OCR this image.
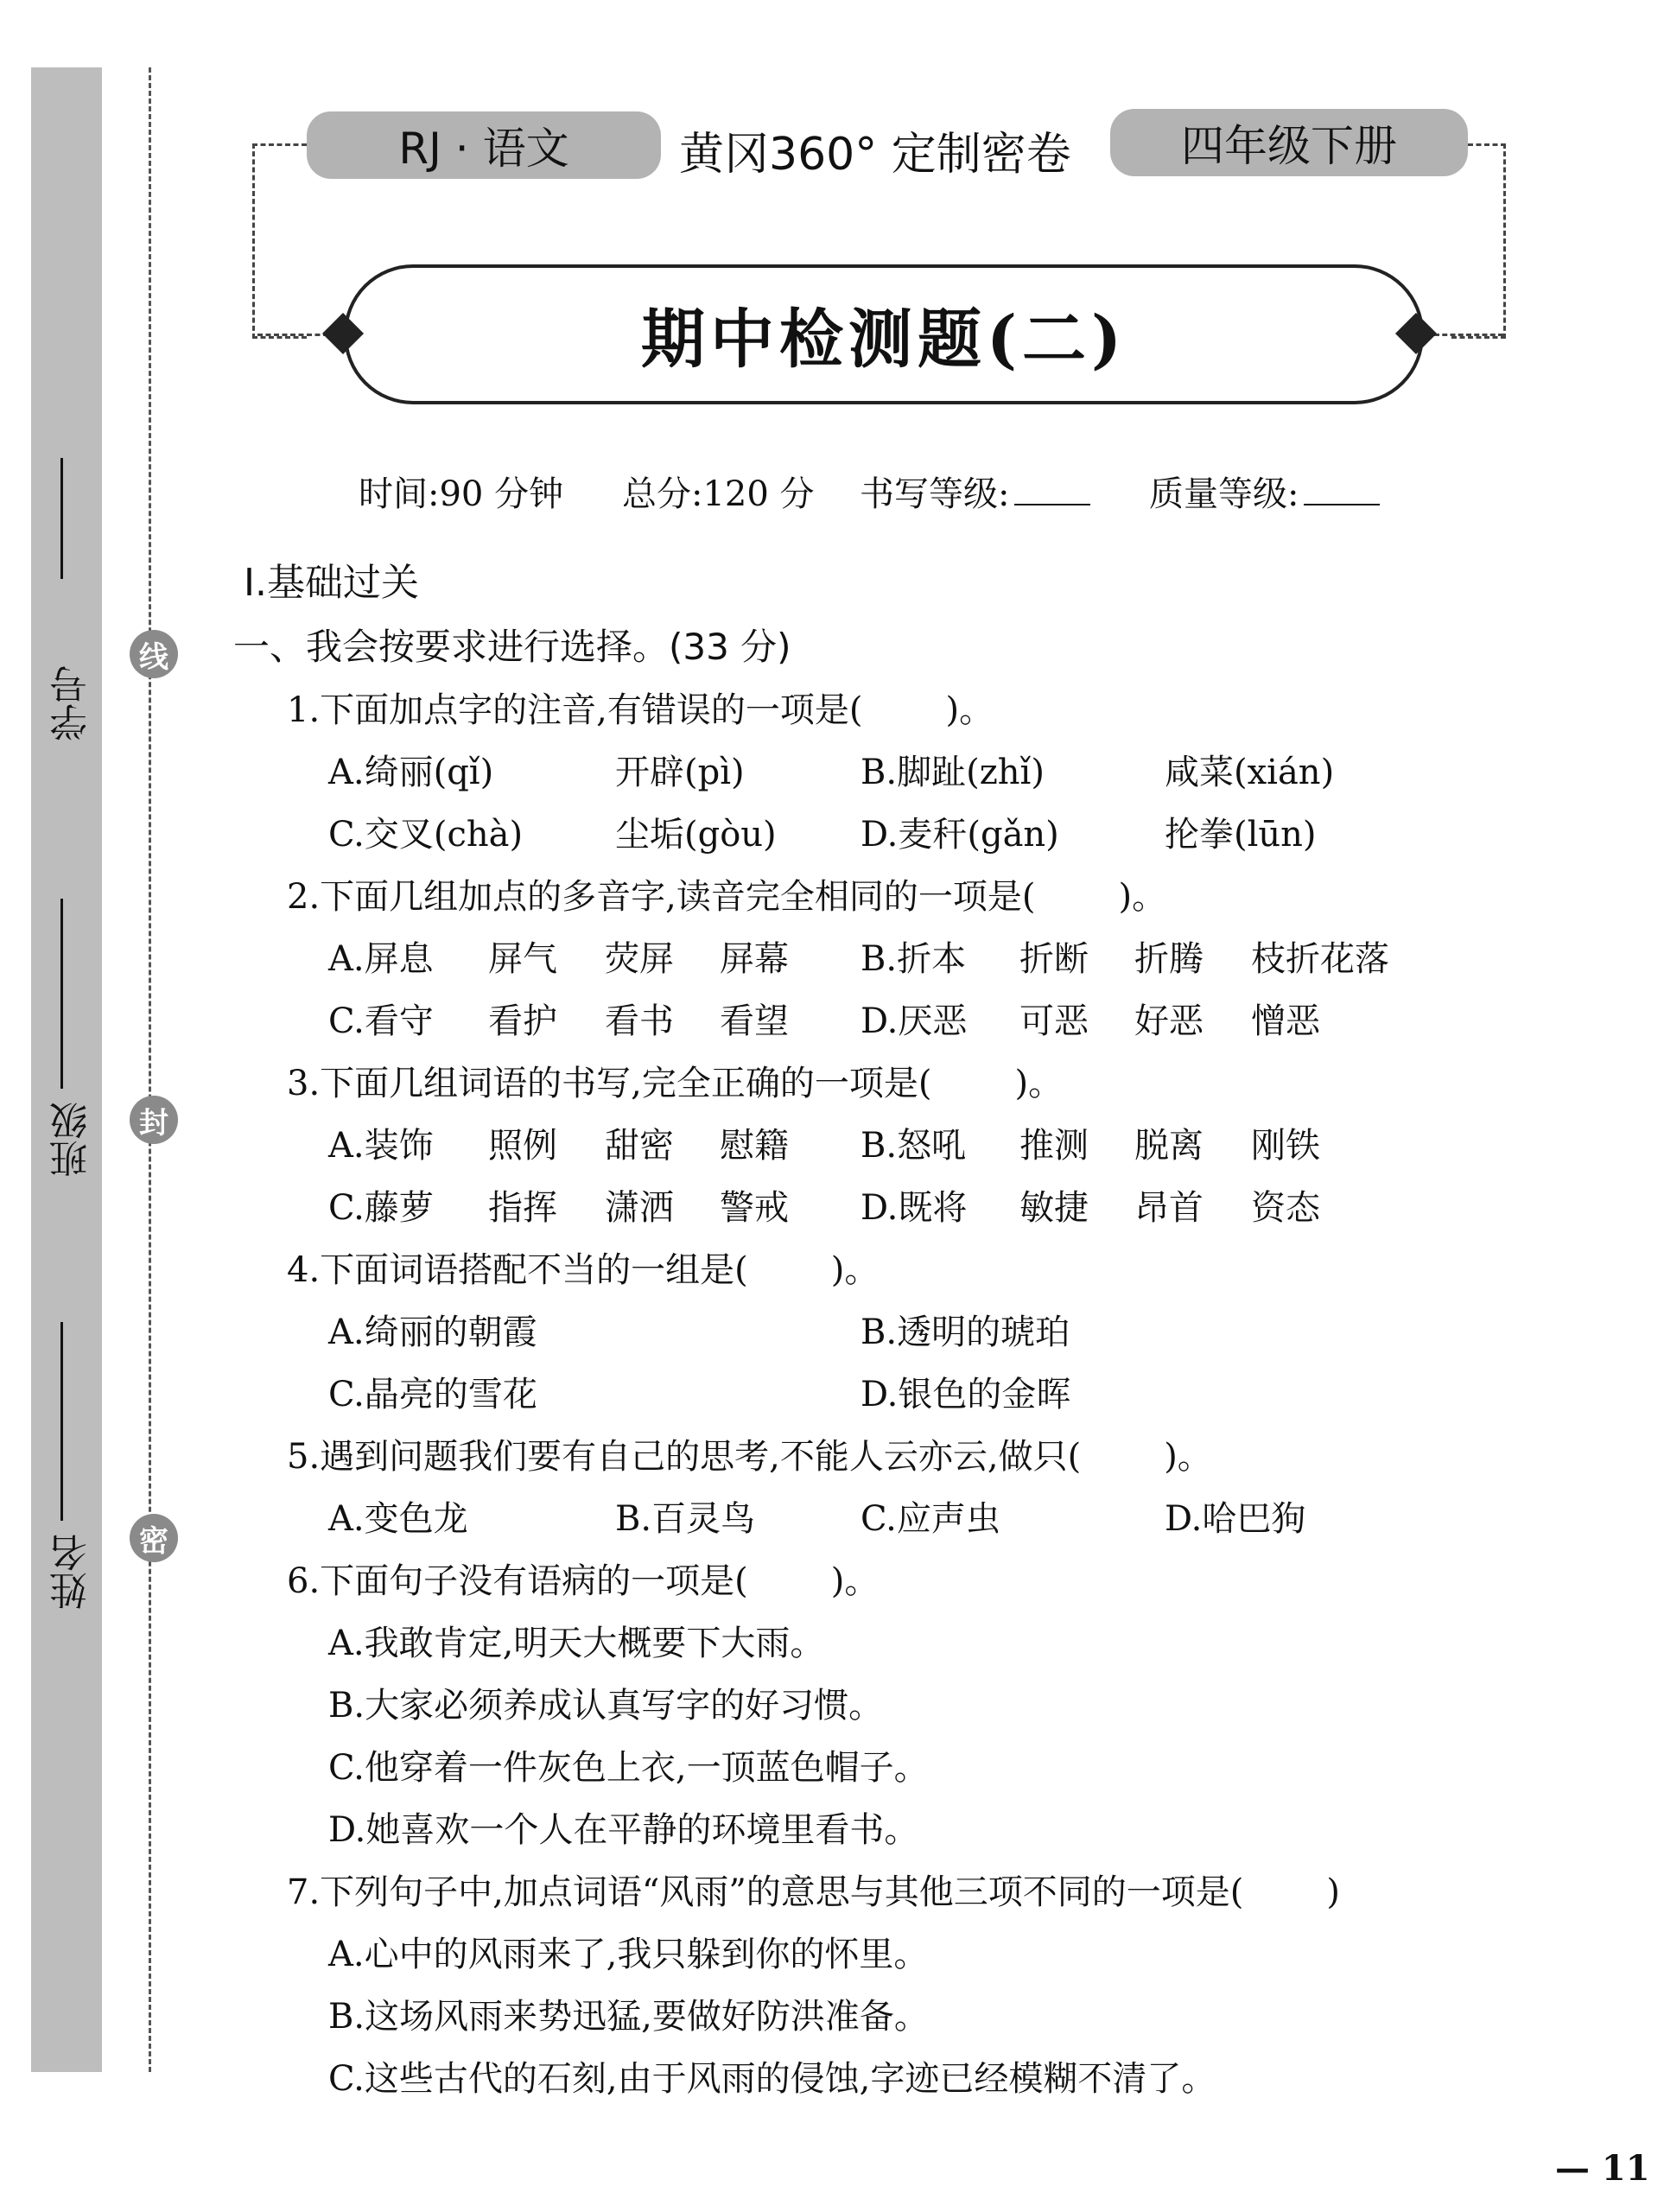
学号
班级
姓名
线
封
密
RJ · 语文	黄冈360° 定制密卷	四年级下册
期中检测题(二)
时间:90 分钟 总分:120 分 书写等级:	质量等级:
Ⅰ.基础过关
一、我会按要求进行选择。(33 分)
1.下面加点字的注音,有错误的一项是( )。
A.绮丽(qǐ)	开辟(pì)	B.脚趾(zhǐ)	咸菜(xián)
C.交叉(chà)	尘垢(gòu) D.麦秆(gǎn)	抡拳(lūn)
2.下面几组加点的多音字,读音完全相同的一项是( )。
A.屏息 屏气 荧屏 屏幕 B.折本 折断 折腾 枝折花落
C.看守 看护 看书 看望 D.厌恶 可恶 好恶 憎恶
3.下面几组词语的书写,完全正确的一项是( )。
A.装饰 照例 甜密 慰籍 B.怒吼 推测 脱离 刚铁
C.藤萝 指挥 潇洒 警戒 D.既将 敏捷 昂首 资态
4.下面词语搭配不当的一组是( )。
A.绮丽的朝霞	B.透明的琥珀
C.晶亮的雪花	D.银色的金晖
5.遇到问题我们要有自己的思考,不能人云亦云,做只( )。
A.变色龙	B.百灵鸟	C.应声虫	D.哈巴狗
6.下面句子没有语病的一项是( )。
A.我敢肯定,明天大概要下大雨。
B.大家必须养成认真写字的好习惯。
C.他穿着一件灰色上衣,一顶蓝色帽子。
D.她喜欢一个人在平静的环境里看书。
7.下列句子中,加点词语“风雨”的意思与其他三项不同的一项是( )
A.心中的风雨来了,我只躲到你的怀里。
B.这场风雨来势迅猛,要做好防洪准备。
C.这些古代的石刻,由于风雨的侵蚀,字迹已经模糊不清了。
— 11
